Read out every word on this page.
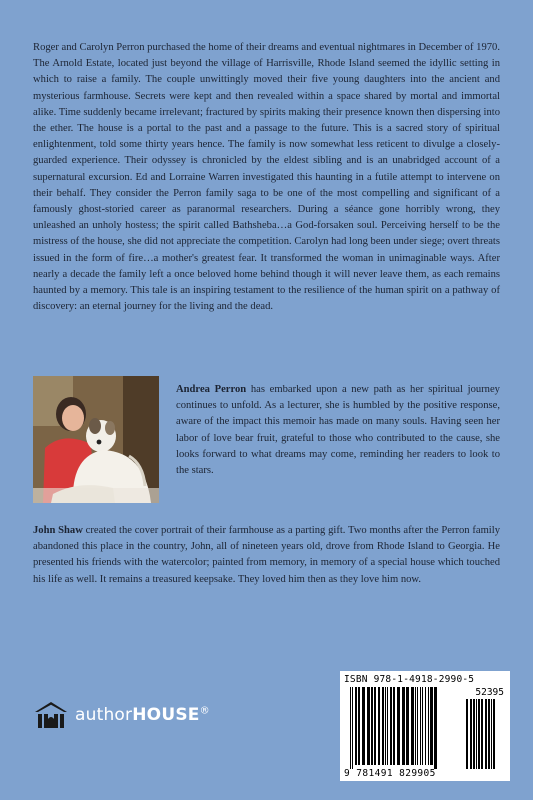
Roger and Carolyn Perron purchased the home of their dreams and eventual nightmares in December of 1970. The Arnold Estate, located just beyond the village of Harrisville, Rhode Island seemed the idyllic setting in which to raise a family. The couple unwittingly moved their five young daughters into the ancient and mysterious farmhouse. Secrets were kept and then revealed within a space shared by mortal and immortal alike. Time suddenly became irrelevant; fractured by spirits making their presence known then dispersing into the ether. The house is a portal to the past and a passage to the future. This is a sacred story of spiritual enlightenment, told some thirty years hence. The family is now somewhat less reticent to divulge a closely-guarded experience. Their odyssey is chronicled by the eldest sibling and is an unabridged account of a supernatural excursion. Ed and Lorraine Warren investigated this haunting in a futile attempt to intervene on their behalf. They consider the Perron family saga to be one of the most compelling and significant of a famously ghost-storied career as paranormal researchers. During a séance gone horribly wrong, they unleashed an unholy hostess; the spirit called Bathsheba…a God-forsaken soul. Perceiving herself to be the mistress of the house, she did not appreciate the competition. Carolyn had long been under siege; overt threats issued in the form of fire…a mother's greatest fear. It transformed the woman in unimaginable ways. After nearly a decade the family left a once beloved home behind though it will never leave them, as each remains haunted by a memory. This tale is an inspiring testament to the resilience of the human spirit on a pathway of discovery: an eternal journey for the living and the dead.

Andrea Perron has embarked upon a new path as her spiritual journey continues to unfold. As a lecturer, she is humbled by the positive response, aware of the impact this memoir has made on many souls. Having seen her labor of love bear fruit, grateful to those who contributed to the cause, she looks forward to what dreams may come, reminding her readers to look to the stars.

John Shaw created the cover portrait of their farmhouse as a parting gift. Two months after the Perron family abandoned this place in the country, John, all of nineteen years old, drove from Rhode Island to Georgia. He presented his friends with the watercolor; painted from memory, in memory of a special house which touched his life as well. It remains a treasured keepsake. They loved him then as they love him now.

authorHOUSE®
ISBN 978-1-4918-2990-5
52395
9 781491 829905
